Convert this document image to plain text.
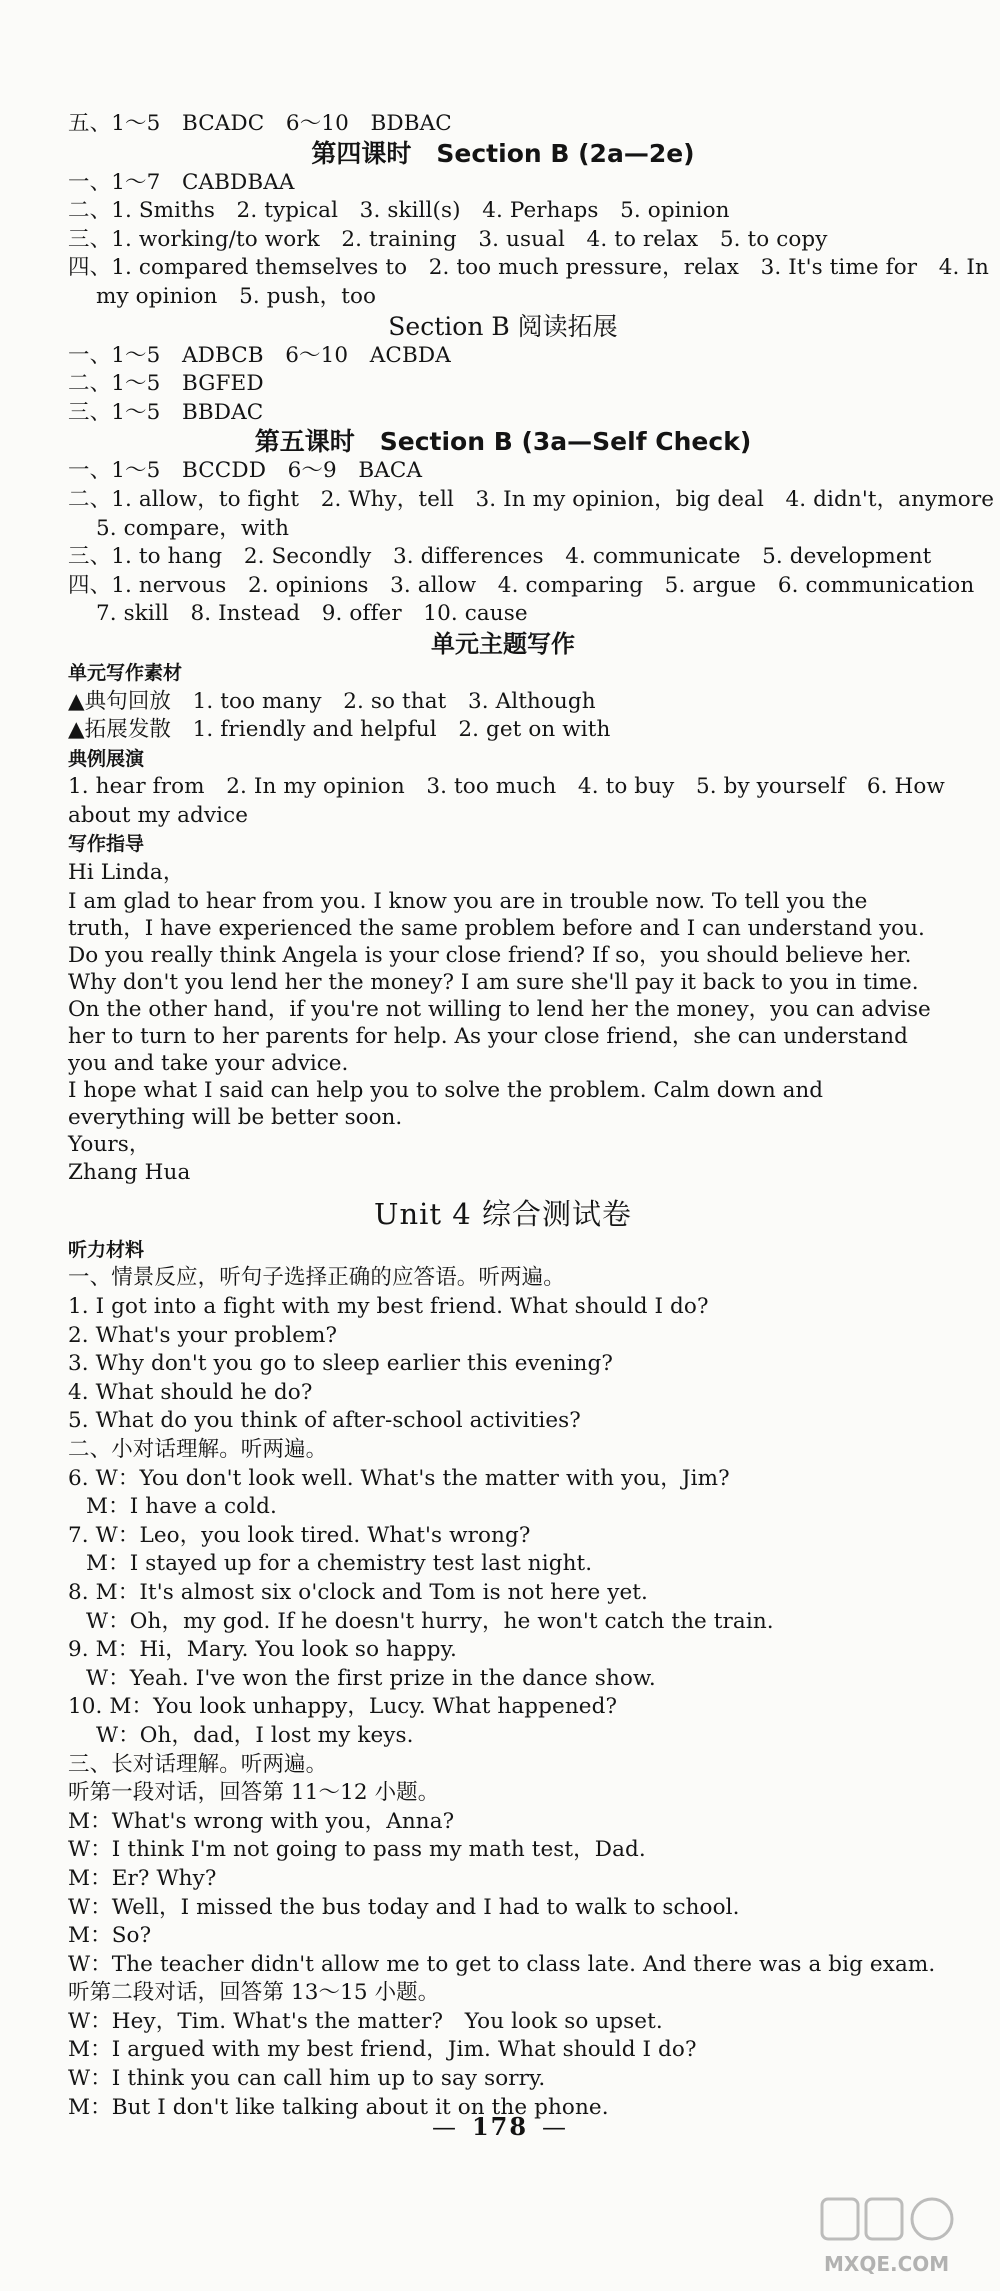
五、1～5　BCADC　6～10　BDBAC
第四课时　Section B (2a—2e)
一、1～7　CABDBAA
二、1. Smiths　2. typical　3. skill(s)　4. Perhaps　5. opinion
三、1. working/to work　2. training　3. usual　4. to relax　5. to copy
四、1. compared themselves to　2. too much pressure，relax　3. It's time for　4. In
my opinion　5. push，too
Section B 阅读拓展
一、1～5　ADBCB　6～10　ACBDA
二、1～5　BGFED
三、1～5　BBDAC
第五课时　Section B (3a—Self Check)
一、1～5　BCCDD　6～9　BACA
二、1. allow，to fight　2. Why，tell　3. In my opinion，big deal　4. didn't，anymore
5. compare，with
三、1. to hang　2. Secondly　3. differences　4. communicate　5. development
四、1. nervous　2. opinions　3. allow　4. comparing　5. argue　6. communication
7. skill　8. Instead　9. offer　10. cause
单元主题写作
单元写作素材
▲典句回放　1. too many　2. so that　3. Although
▲拓展发散　1. friendly and helpful　2. get on with
典例展演
1. hear from　2. In my opinion　3. too much　4. to buy　5. by yourself　6. How
about my advice
写作指导
Hi Linda，
I am glad to hear from you. I know you are in trouble now. To tell you the truth，I have experienced the same problem before and I can understand you. Do you really think Angela is your close friend? If so，you should believe her. Why don't you lend her the money? I am sure she'll pay it back to you in time. On the other hand，if you're not willing to lend her the money，you can advise her to turn to her parents for help. As your close friend，she can understand you and take your advice.
I hope what I said can help you to solve the problem. Calm down and everything will be better soon.
Yours，
Zhang Hua
Unit 4 综合测试卷
听力材料
一、情景反应，听句子选择正确的应答语。听两遍。
1. I got into a fight with my best friend. What should I do?
2. What's your problem?
3. Why don't you go to sleep earlier this evening?
4. What should he do?
5. What do you think of after-school activities?
二、小对话理解。听两遍。
6. W：You don't look well. What's the matter with you，Jim?
M：I have a cold.
7. W：Leo，you look tired. What's wrong?
M：I stayed up for a chemistry test last night.
8. M：It's almost six o'clock and Tom is not here yet.
W：Oh，my god. If he doesn't hurry，he won't catch the train.
9. M：Hi，Mary. You look so happy.
W：Yeah. I've won the first prize in the dance show.
10. M：You look unhappy，Lucy. What happened?
W：Oh，dad，I lost my keys.
三、长对话理解。听两遍。
听第一段对话，回答第 11～12 小题。
M：What's wrong with you，Anna?
W：I think I'm not going to pass my math test，Dad.
M：Er? Why?
W：Well，I missed the bus today and I had to walk to school.
M：So?
W：The teacher didn't allow me to get to class late. And there was a big exam.
听第二段对话，回答第 13～15 小题。
W：Hey，Tim. What's the matter?　You look so upset.
M：I argued with my best friend，Jim. What should I do?
W：I think you can call him up to say sorry.
M：But I don't like talking about it on the phone.
— 178 —
MXQE.COM
